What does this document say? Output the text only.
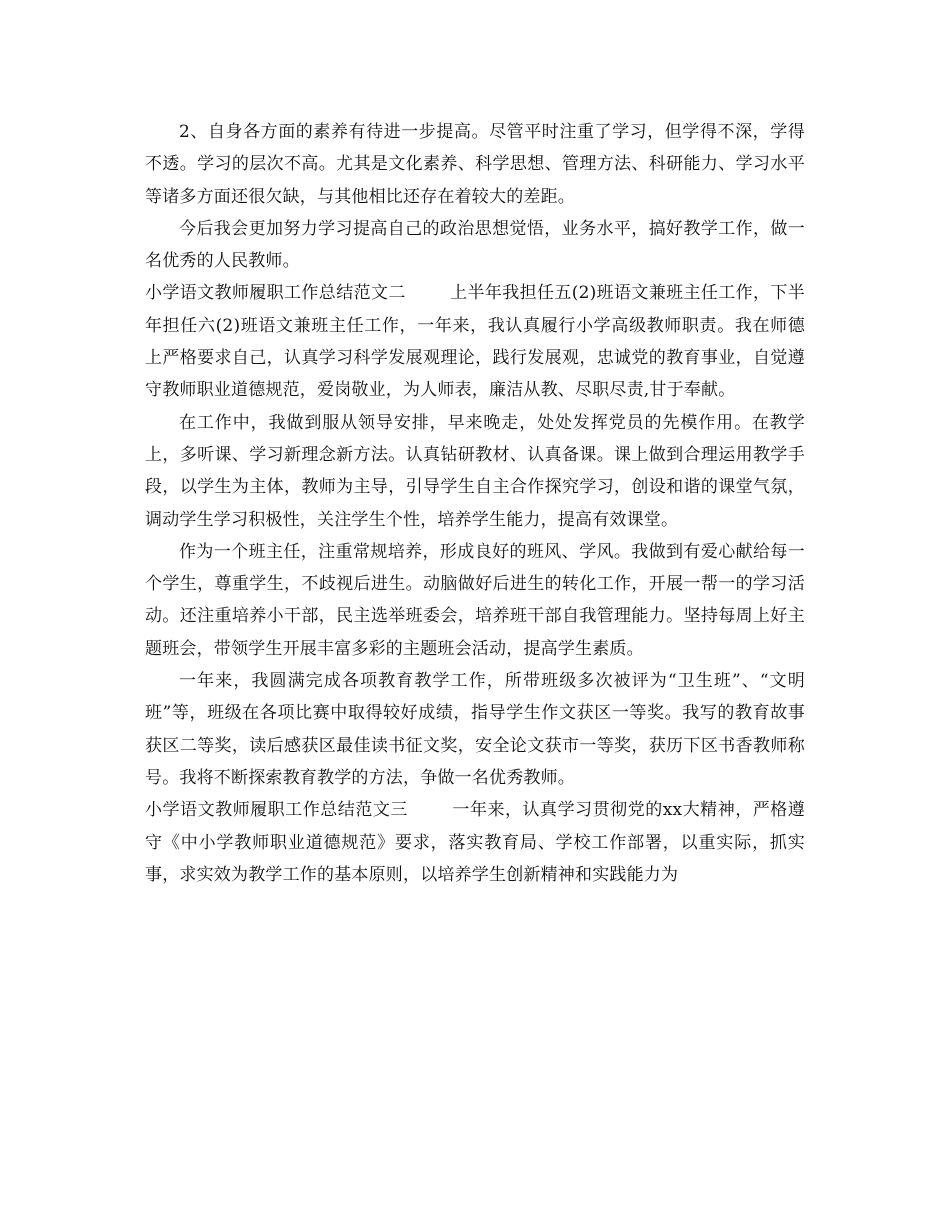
2、自身各方面的素养有待进一步提高。尽管平时注重了学习，但学得不深，学得不透。学习的层次不高。尤其是文化素养、科学思想、管理方法、科研能力、学习水平等诸多方面还很欠缺，与其他相比还存在着较大的差距。

今后我会更加努力学习提高自己的政治思想觉悟，业务水平，搞好教学工作，做一名优秀的人民教师。

小学语文教师履职工作总结范文二	上半年我担任五(2)班语文兼班主任工作，下半年担任六(2)班语文兼班主任工作，一年来，我认真履行小学高级教师职责。我在师德上严格要求自己，认真学习科学发展观理论，践行发展观，忠诚党的教育事业，自觉遵守教师职业道德规范，爱岗敬业，为人师表，廉洁从教、尽职尽责,甘于奉献。

在工作中，我做到服从领导安排，早来晚走，处处发挥党员的先模作用。在教学上，多听课、学习新理念新方法。认真钻研教材、认真备课。课上做到合理运用教学手段，以学生为主体，教师为主导，引导学生自主合作探究学习，创设和谐的课堂气氛，调动学生学习积极性，关注学生个性，培养学生能力，提高有效课堂。

作为一个班主任，注重常规培养，形成良好的班风、学风。我做到有爱心献给每一个学生，尊重学生，不歧视后进生。动脑做好后进生的转化工作，开展一帮一的学习活动。还注重培养小干部，民主选举班委会，培养班干部自我管理能力。坚持每周上好主题班会，带领学生开展丰富多彩的主题班会活动，提高学生素质。

一年来，我圆满完成各项教育教学工作，所带班级多次被评为“卫生班”、“文明班”等，班级在各项比赛中取得较好成绩，指导学生作文获区一等奖。我写的教育故事获区二等奖，读后感获区最佳读书征文奖，安全论文获市一等奖，获历下区书香教师称号。我将不断探索教育教学的方法，争做一名优秀教师。

小学语文教师履职工作总结范文三	一年来，认真学习贯彻党的xx大精神，严格遵守《中小学教师职业道德规范》要求，落实教育局、学校工作部署，以重实际，抓实事，求实效为教学工作的基本原则，以培养学生创新精神和实践能力为
